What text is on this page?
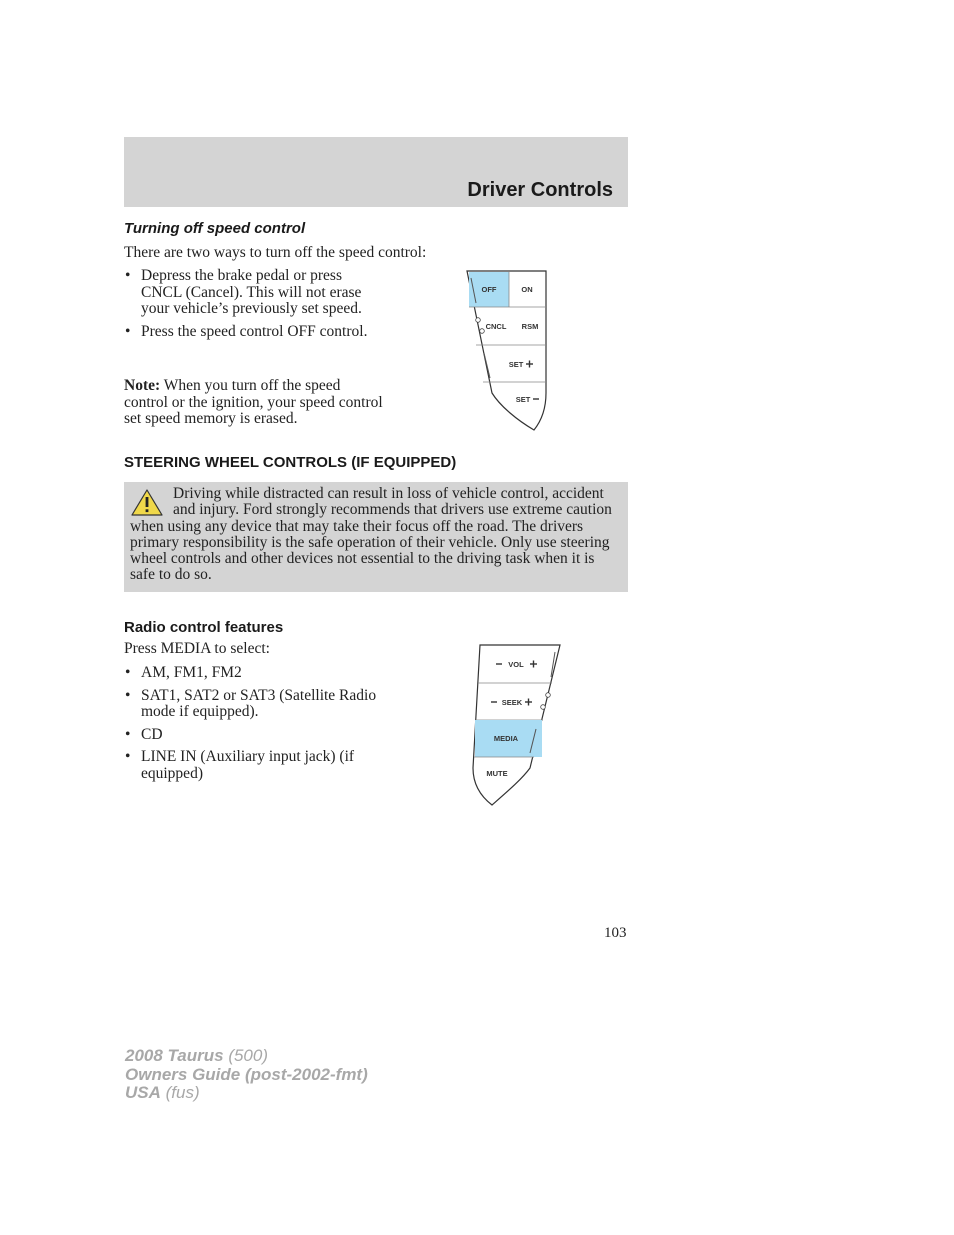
Driver Controls
Turning off speed control

There are two ways to turn off the speed control:

• Depress the brake pedal or press CNCL (Cancel). This will not erase your vehicle’s previously set speed.
• Press the speed control OFF control.

Note: When you turn off the speed control or the ignition, your speed control set speed memory is erased.

OFF	ON
CNCL RSM
SET
SET
STEERING WHEEL CONTROLS (IF EQUIPPED)

Driving while distracted can result in loss of vehicle control, accident and injury. Ford strongly recommends that drivers use extreme caution when using any device that may take their focus off the road. The drivers primary responsibility is the safe operation of their vehicle. Only use steering wheel controls and other devices not essential to the driving task when it is safe to do so.

Radio control features

Press MEDIA to select:

• AM, FM1, FM2
• SAT1, SAT2 or SAT3 (Satellite Radio mode if equipped).
• CD
• LINE IN (Auxiliary input jack) (if equipped)
VOL
SEEK
MEDIA
MUTE

103

2008 Taurus (500)
Owners Guide (post-2002-fmt)
USA (fus)
